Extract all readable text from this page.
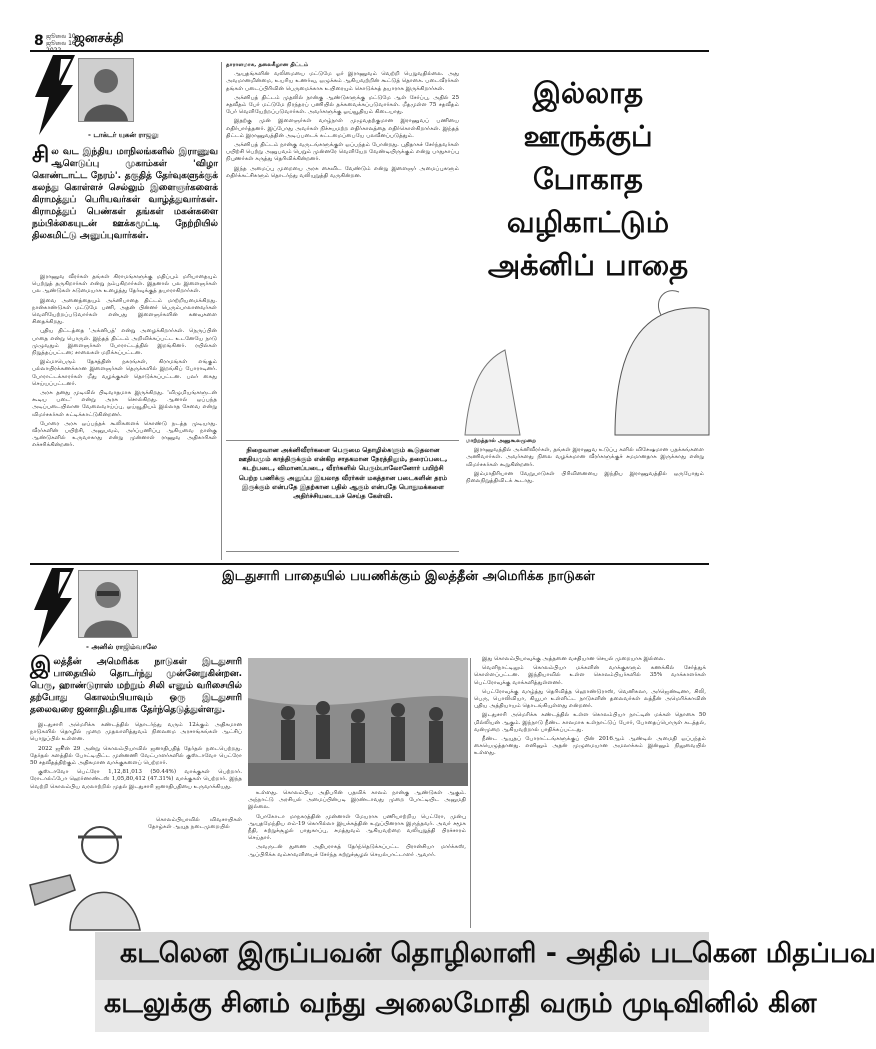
8 ஜூலை 10 -
ஜூலை 16
ஜனசக்தி
- டாக்டர் யுகன் ராஜலு
சில வட இந்திய மாநிலங்களில் இராணுவ ஆளெடுப்பு முகாம்கள் 'விழா கொண்டாட்ட நேரம்'. தகுதித் தேர்வுகளுக்குக் கலந்து கொள்ளச் செல்லும் இளைஞர்களைக் கிராமத்துப் பெரியவர்கள் வாழ்த்துவார்கள். கிராமத்துப் பெண்கள் தங்கள் மகன்களை நம்பிக்கையுடன் ஊக்கமூட்டி நேற்றியில் திலகமிட்டு அனுப்புவார்கள்.

இராணுவ வீரர்கள் தங்கள் கிராமங்களுக்கு மதிப்பும் மரியாதையும் பெற்றுத் தருகிறார்கள் என்று நம்புகிறார்கள். இதனால் பல இளைஞர்கள் பல ஆண்டுகள் கடுமையாக உழைத்து தேர்வுக்குத் தயாராகிறார்கள்.

இவை அனைத்தையும் அக்னிபாதை திட்டம் மாற்றியமைக்கிறது. நான்காண்டுகள் மட்டுமே பணி, அதன் பின்னர் பெரும்பாலானவர்கள் வெளியேற்றப்படுவார்கள் என்பது இளைஞர்களின் கனவுகளை சிதைக்கிறது.

புதிய திட்டத்தை 'அக்னிபத்' என்று அழைக்கிறார்கள். நெருப்பின் பாதை என்று பொருள். இந்தத் திட்டம் அறிவிக்கப்பட்ட உடனேயே நாடு முழுவதும் இளைஞர்கள் போராட்டத்தில் இறங்கினர். ரயில்கள் நிறுத்தப்பட்டன; சாலைகள் மறிக்கப்பட்டன.

இம்மாபெரும் தேசத்தின் நகரங்கள், கிராமங்கள் எங்கும் பல்லாயிரக்கணக்கான இளைஞர்கள் தெருக்களில் இறங்கிப் போராடினர். போராட்டக்காரர்கள் மீது வழக்குகள் தொடுக்கப்பட்டன. பலர் கைது செய்யப்பட்டனர்.

அரசு தனது முடிவில் பிடிவாதமாக இருக்கிறது. 'விழுமியங்களுடன் கூடிய படை' என்று அரசு சொல்கிறது. ஆனால் ஒப்பந்த அடிப்படையிலான வேலைவாய்ப்பு, ஓய்வூதியம் இல்லாத சேவை என்று விமர்சகர்கள் சுட்டிக்காட்டுகின்றனர்.

போரை அரசு ஒப்பந்தக் கூலிகளைக் கொண்டு நடத்த முடியாது. வீரர்களின் பயிற்சி, அனுபவம், அர்ப்பணிப்பு ஆகியவை நான்கு ஆண்டுகளில் உருவாகாது என்று முன்னாள் ராணுவ அதிகாரிகள் எச்சரிக்கின்றனர்.

தாராளமாக, தலைகீழான திட்டம்

ஆயுதங்களின் வலிமையை மட்டுமே ஓர் இராணுவம் வெற்றி பெறுவதில்லை. அது அவமானமின்மை, உயரிய உணர்வு, ஒழுக்கம் ஆகியவற்றின் கூட்டுத் தொகை. படைவீரர்கள் தங்கள் படைப்பிரிவின் பெருமைக்காக உயிரையும் கொடுக்கத் தயாராக இருக்கிறார்கள்.

அக்னிபத் திட்டம் முதலில் நான்கு ஆண்டுகளுக்கு மட்டுமே ஆள் சேர்ப்பு, அதில் 25 சதவீதம் பேர் மட்டுமே நிரந்தரப் பணியில் தக்கவைக்கப்படுவார்கள். மீதமுள்ள 75 சதவீதம் பேர் வெளியேற்றப்படுவார்கள். அவர்களுக்கு ஓய்வூதியம் கிடையாது.

இதற்கு முன் இளைஞர்கள் வாழ்நாள் முழுவதற்குமான இராணுவப் பணியை எதிர்பார்த்தனர். இப்போது அவர்கள் நிச்சயமற்ற எதிர்காலத்தை எதிர்கொள்கிறார்கள். இந்தத் திட்டம் இராணுவத்தின் அடிப்படைக் கட்டமைப்பையே பலவீனப்படுத்தும்.

அக்னிபத் திட்டம் நான்கு வருடங்களுக்குள் ஒப்பந்தம் போன்றது. புதிதாகச் சேர்ந்தவர்கள் பயிற்சி பெற்று அனுபவம் பெறும் முன்னரே வெளியேற வேண்டியிருக்கும் என்று பாதுகாப்பு நிபுணர்கள் கருத்து தெரிவிக்கின்றனர்.

இந்த அமைப்பு முறையை அரசு கைவிட வேண்டும் என்று இளைஞர் அமைப்புகளும் எதிர்க்கட்சிகளும் தொடர்ந்து வலியுறுத்தி வருகின்றன.

நிறைவான அக்னிவீரர்களை பெருமை தொழில்களும் கூடுதலான ஊதியமும் காத்திருக்கும் என்கிற சாதகமான நேரத்திலும், தரைப்படை, கடற்படை, விமானப்படை, வீரர்களில் பெரும்பாலோனோர் பயிற்சி பெற்ற பணிக்கு அனுப்ப இயலாத வீரர்கள் மகத்தான படைகளின் தரம் இருக்கும் என்பதே இதற்கான பதில் ஆகும் என்பதே பொதுமக்களை அதிர்ச்சியடையச் செய்த கேள்வி.
இல்லாத ஊருக்குப் போகாத வழிகாட்டும் அக்னிப் பாதை

மாற்றத்தால் அனுகூலமுறை

இராணுவத்தில் அக்னிவீரர்கள், தங்கள் இராணுவ உடுப்பு களில் விசேஷமான பதக்கங்களை அணிவார்கள். அவர்களது நிலை வழக்கமான வீரர்களுக்குச் சமமானதாக இருக்காது என்று விமர்சகர்கள் கூறுகின்றனர்.

இம்மாதிரியான வேறுபாடுகள் பிரிவினையை இந்திய இராணுவத்தில் ஒருபோதும் நிலைநிறுத்திவிடக் கூடாது.

- அனில் ராஜிம்வாலே
இடதுசாரி பாதையில் பயணிக்கும் இலத்தீன் அமெரிக்க நாடுகள்
இலத்தீன் அமெரிக்க நாடுகள் இடதுசாரி பாதையில் தொடர்ந்து முன்னேறுகின்றன. பெரு, ஹாண்டுராஸ் மற்றும் சிலி எனும் வரிசையில் தற்போது கொலம்பியாவும் ஒரு இடதுசாரி தலைவரை ஜனாதிபதியாக தேர்ந்தெடுத்துள்ளது.

இடதுசாரி அமெரிக்க கண்டத்தில் தொடர்ந்து வரும் 12க்கும் அதிகமான நாடுகளில் தொழில் முறை முதலாளித்துவம் நிலைமை அரசாங்கங்கள் ஆட்சிப் பொறுப்பில் உள்ளன.

2022 ஜூன் 29 அன்று கொலம்பியாவில் ஜனாதிபதித் தேர்தல் நடைபெற்றது. தேர்தல் களத்தில் போட்டியிட்ட முன்னணி வேட்பாளர்களில் குஸ்டாவோ பெட்ரோ 50 சதவீதத்திற்கும் அதிகமான வாக்குகளைப் பெற்றார்.

குஸ்டாவோ பெட்ரோ 1,12,81,013 (50.44%) வாக்குகள் பெற்றார். ரோடால்ஃபோ ஹெர்னாண்டஸ் 1,05,80,412 (47.31%) வாக்குகள் பெற்றார். இந்த வெற்றி கொலம்பிய வரலாற்றில் முதல் இடதுசாரி ஜனாதிபதியை உருவாக்கியது.

கொலம்பியாவில் விவசாயிகள் தோழ்கள் ஆயுத நடைமுறையில்

உள்ளது. கொலம்பிய அதிபரின் பதவிக் காலம் நான்கு ஆண்டுகள் ஆகும். அந்நாட்டு அரசியல் அமைப்பின்படி இரண்டாவது முறை போட்டியிட அனுமதி இல்லை.

போகோடா மாநகரத்தின் முன்னாள் மேயராக பணியாற்றிய பெட்ரோ, முன்பு ஆயுதமேந்திய எம்-19 கொரில்லா இயக்கத்தின் உறுப்பினராக இருந்தவர். அவர் சமூக நீதி, சுற்றுச்சூழல் பாதுகாப்பு, சமத்துவம் ஆகியவற்றை வலியுறுத்தி பிரச்சாரம் செய்தார்.

அவருடன் துணை அதிபராகத் தேர்ந்தெடுக்கப்பட்ட பிரான்சியா மார்க்கஸ், ஆப்பிரிக்க வம்சாவளியைச் சேர்ந்த சுற்றுச்சூழல் செயல்பாட்டாளர் ஆவார்.

இது கொலம்பியாவுக்கு அத்தனை வசதியான செயல் முறையாக இல்லை.

வெளிநாட்டிலும் கொலம்பியா மக்களின் வாக்குகளும் கணக்கில் சேர்த்துக் கொள்ளப்பட்டன. இந்தியாவில் உள்ள கொலம்பியர்களில் 35% வாக்காளர்கள் பெட்ரோவுக்கு வாக்களித்துள்ளனர்.

பெட்ரோவுக்கு வாழ்த்து தெரிவித்த ஹொண்டுராஸ், வெனிசுலா, அர்ஜெண்டினா, சிலி, பெரு, பொலிவியா, கியூபா உள்ளிட்ட நாடுகளின் தலைவர்கள் லத்தீன் அமெரிக்காவின் புதிய அத்தியாயம் தொடங்கியுள்ளது என்றனர்.

இடதுசாரி அமெரிக்க கண்டத்தில் உள்ள கொலம்பியா நாட்டின் மக்கள் தொகை 50 மில்லியன் ஆகும். இந்நாடு நீண்ட காலமாக உள்நாட்டுப் போர், போதைப்பொருள் கடத்தல், வன்முறை ஆகியவற்றால் பாதிக்கப்பட்டது.

நீண்ட ஆயுதப் போராட்டங்களுக்குப் பின் 2016ஆம் ஆண்டில் அமைதி ஒப்பந்தம் கையெழுத்தானது. எனினும் அதன் முழுமையான அமலாக்கம் இன்னும் நிலுவையில் உள்ளது.

கடலென இருப்பவன் தொழிலாளி - அதில் படகென மிதப்பவ
கடலுக்கு சினம் வந்து அலைமோதி வரும் முடிவினில் கின
